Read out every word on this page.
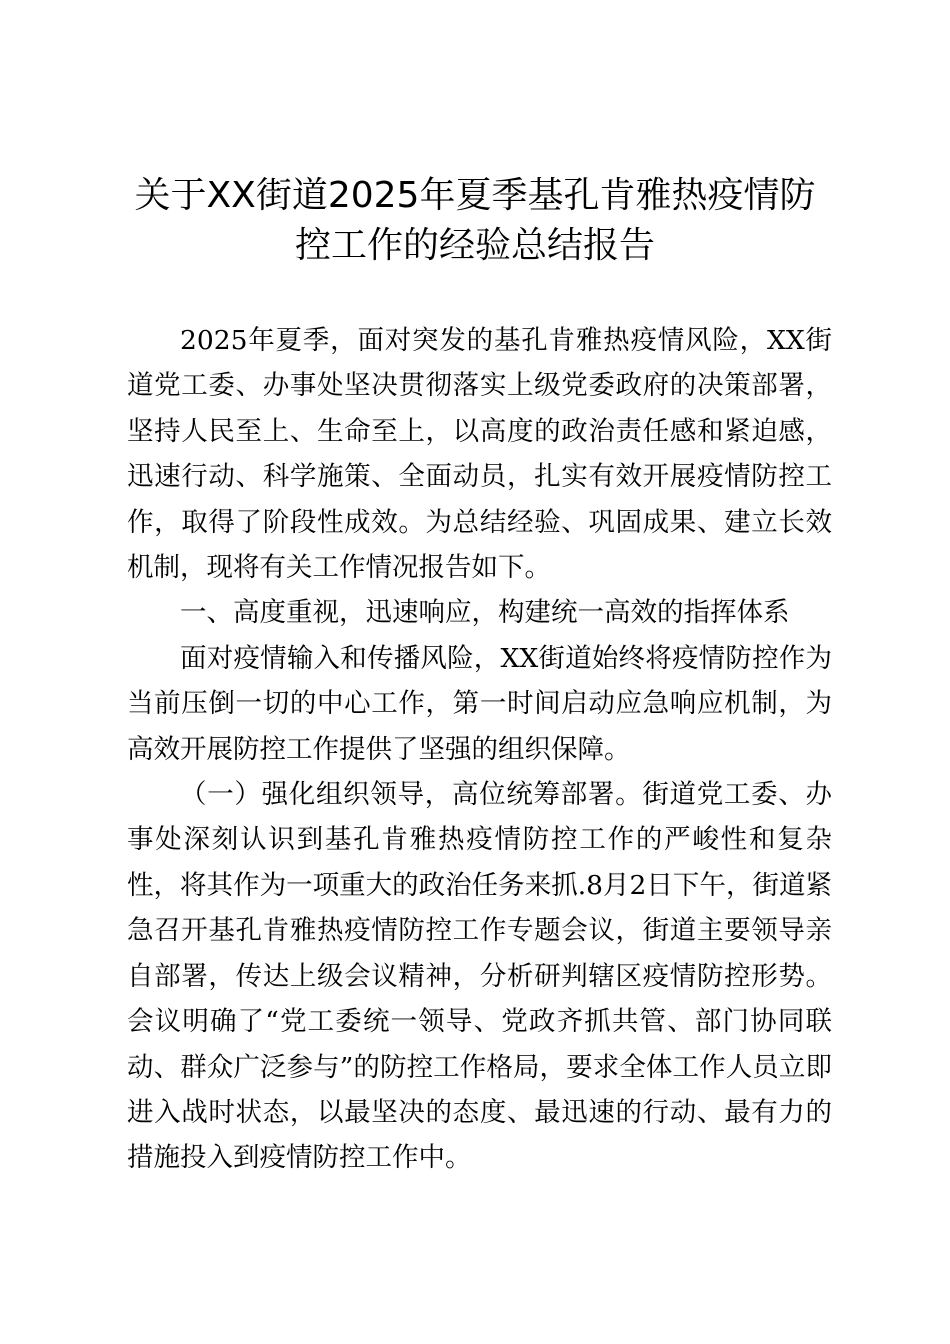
关于XX街道2025年夏季基孔肯雅热疫情防
控工作的经验总结报告

2025年夏季，面对突发的基孔肯雅热疫情风险，XX街道党工委、办事处坚决贯彻落实上级党委政府的决策部署，坚持人民至上、生命至上，以高度的政治责任感和紧迫感，迅速行动、科学施策、全面动员，扎实有效开展疫情防控工作，取得了阶段性成效。为总结经验、巩固成果、建立长效机制，现将有关工作情况报告如下。

一、高度重视，迅速响应，构建统一高效的指挥体系

面对疫情输入和传播风险，XX街道始终将疫情防控作为当前压倒一切的中心工作，第一时间启动应急响应机制，为高效开展防控工作提供了坚强的组织保障。

（一）强化组织领导，高位统筹部署。街道党工委、办事处深刻认识到基孔肯雅热疫情防控工作的严峻性和复杂性，将其作为一项重大的政治任务来抓.8月2日下午，街道紧急召开基孔肯雅热疫情防控工作专题会议，街道主要领导亲自部署，传达上级会议精神，分析研判辖区疫情防控形势。会议明确了“党工委统一领导、党政齐抓共管、部门协同联动、群众广泛参与”的防控工作格局，要求全体工作人员立即进入战时状态，以最坚决的态度、最迅速的行动、最有力的措施投入到疫情防控工作中。
